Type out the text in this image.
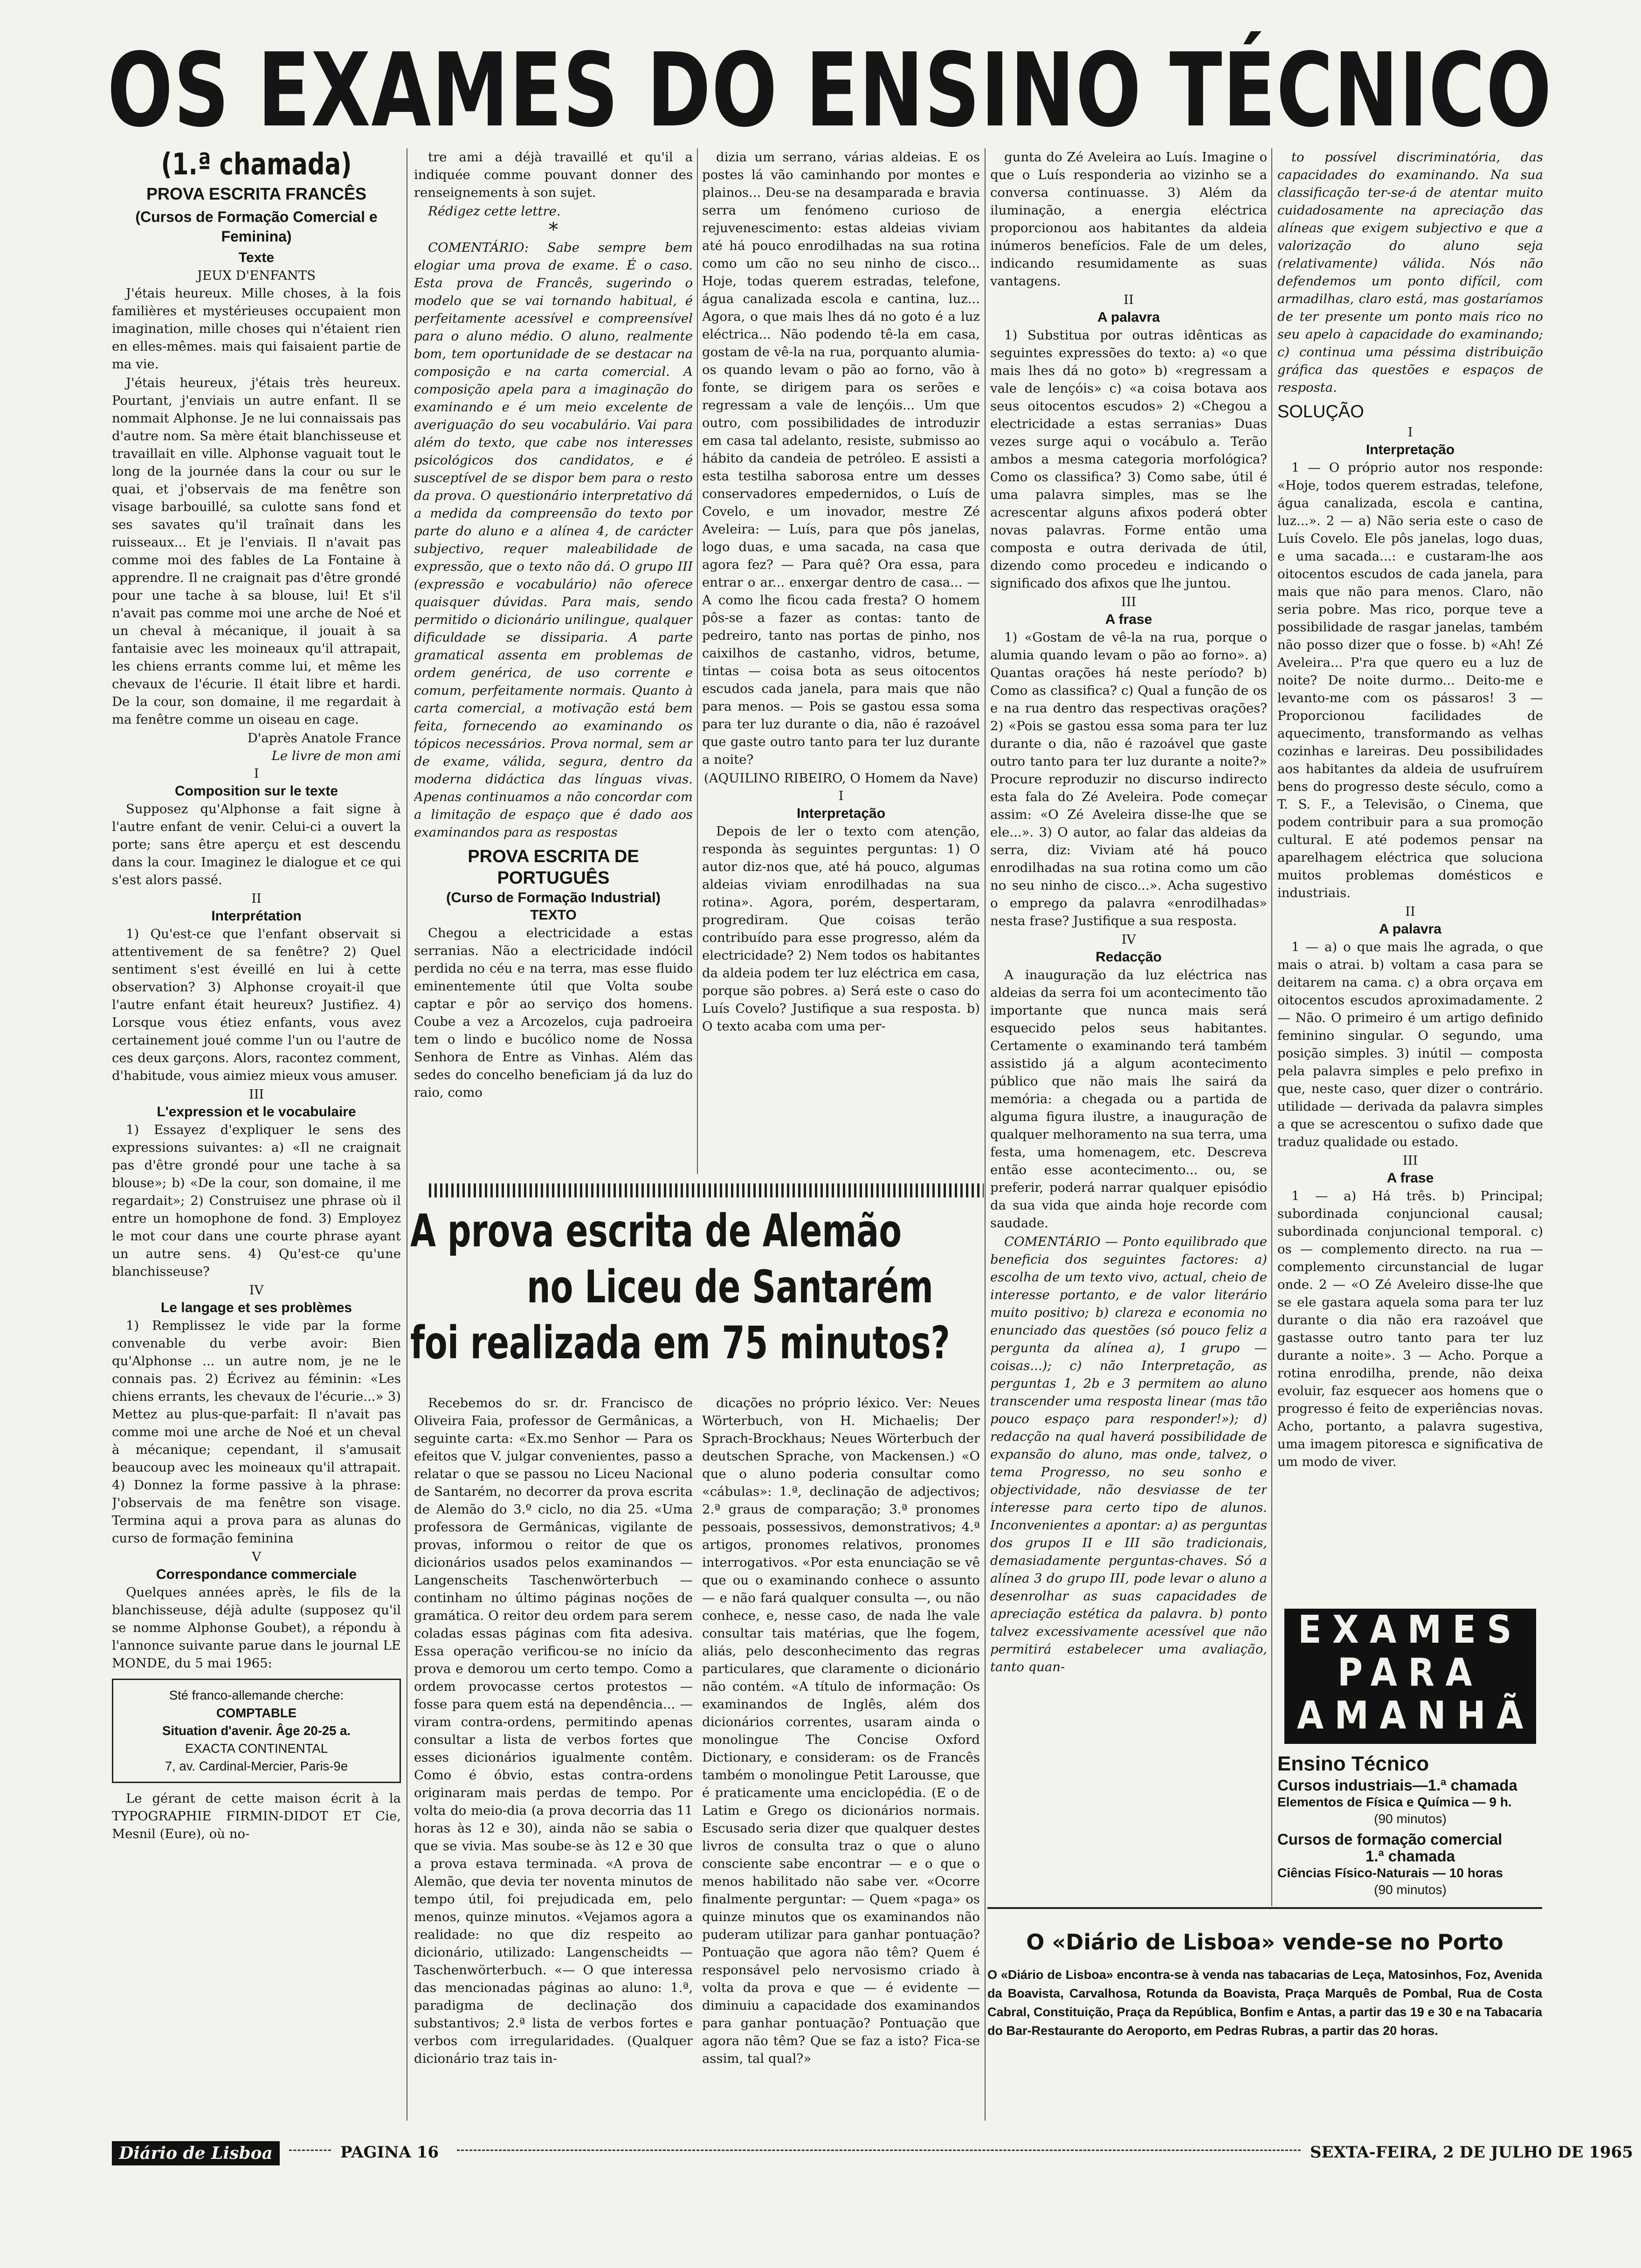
OS EXAMES DO ENSINO TÉCNICO
(1.ª chamada)
PROVA ESCRITA FRANCÊS
(Cursos de Formação Comercial e Feminina)
Texte
JEUX D'ENFANTS

J'étais heureux. Mille choses, à la fois familières et mystérieuses occupaient mon imagination, mille choses qui n'étaient rien en elles-mêmes. mais qui faisaient partie de ma vie.

J'étais heureux, j'étais très heureux. Pourtant, j'enviais un autre enfant. Il se nommait Alphonse. Je ne lui connaissais pas d'autre nom. Sa mère était blanchisseuse et travaillait en ville. Alphonse vaguait tout le long de la journée dans la cour ou sur le quai, et j'observais de ma fenêtre son visage barbouillé, sa culotte sans fond et ses savates qu'il traînait dans les ruisseaux... Et je l'enviais. Il n'avait pas comme moi des fables de La Fontaine à apprendre. Il ne craignait pas d'être grondé pour une tache à sa blouse, lui! Et s'il n'avait pas comme moi une arche de Noé et un cheval à mécanique, il jouait à sa fantaisie avec les moineaux qu'il attrapait, les chiens errants comme lui, et même les chevaux de l'écurie. Il était libre et hardi. De la cour, son domaine, il me regardait à ma fenêtre comme un oiseau en cage.

D'après Anatole France
Le livre de mon ami
I
Composition sur le texte

Supposez qu'Alphonse a fait signe à l'autre enfant de venir. Celui-ci a ouvert la porte; sans être aperçu et est descendu dans la cour. Imaginez le dialogue et ce qui s'est alors passé.

II
Interprétation

1) Qu'est-ce que l'enfant observait si attentivement de sa fenêtre? 2) Quel sentiment s'est éveillé en lui à cette observation? 3) Alphonse croyait-il que l'autre enfant était heureux? Justifiez. 4) Lorsque vous étiez enfants, vous avez certainement joué comme l'un ou l'autre de ces deux garçons. Alors, racontez comment, d'habitude, vous aimiez mieux vous amuser.

III
L'expression et le vocabulaire

1) Essayez d'expliquer le sens des expressions suivantes: a) «Il ne craignait pas d'être grondé pour une tache à sa blouse»; b) «De la cour, son domaine, il me regardait»; 2) Construisez une phrase où il entre un homophone de fond. 3) Employez le mot cour dans une courte phrase ayant un autre sens. 4) Qu'est-ce qu'une blanchisseuse?

IV
Le langage et ses problèmes

1) Remplissez le vide par la forme convenable du verbe avoir: Bien qu'Alphonse ... un autre nom, je ne le connais pas. 2) Écrivez au féminin: «Les chiens errants, les chevaux de l'écurie...» 3) Mettez au plus-que-parfait: Il n'avait pas comme moi une arche de Noé et un cheval à mécanique; cependant, il s'amusait beaucoup avec les moineaux qu'il attrapait. 4) Donnez la forme passive à la phrase: J'observais de ma fenêtre son visage. Termina aqui a prova para as alunas do curso de formação feminina

V
Correspondance commerciale

Quelques années après, le fils de la blanchisseuse, déjà adulte (supposez qu'il se nomme Alphonse Goubet), a répondu à l'annonce suivante parue dans le journal LE MONDE, du 5 mai 1965:

Sté franco-allemande cherche:
COMPTABLE
Situation d'avenir. Âge 20-25 a.
EXACTA CONTINENTAL
7, av. Cardinal-Mercier, Paris-9e

Le gérant de cette maison écrit à la TYPOGRAPHIE FIRMIN-DIDOT ET Cie, Mesnil (Eure), où no-

tre ami a déjà travaillé et qu'il a indiquée comme pouvant donner des renseignements à son sujet.

Rédigez cette lettre.

*

COMENTÁRIO: Sabe sempre bem elogiar uma prova de exame. É o caso. Esta prova de Francês, sugerindo o modelo que se vai tornando habitual, é perfeitamente acessível e compreensível para o aluno médio. O aluno, realmente bom, tem oportunidade de se destacar na composição e na carta comercial. A composição apela para a imaginação do examinando e é um meio excelente de averiguação do seu vocabulário. Vai para além do texto, que cabe nos interesses psicológicos dos candidatos, e é susceptível de se dispor bem para o resto da prova. O questionário interpretativo dá a medida da compreensão do texto por parte do aluno e a alínea 4, de carácter subjectivo, requer maleabilidade de expressão, que o texto não dá. O grupo III (expressão e vocabulário) não oferece quaisquer dúvidas. Para mais, sendo permitido o dicionário unilingue, qualquer dificuldade se dissiparia. A parte gramatical assenta em problemas de ordem genérica, de uso corrente e comum, perfeitamente normais. Quanto à carta comercial, a motivação está bem feita, fornecendo ao examinando os tópicos necessários. Prova normal, sem ar de exame, válida, segura, dentro da moderna didáctica das línguas vivas. Apenas continuamos a não concordar com a limitação de espaço que é dado aos examinandos para as respostas

PROVA ESCRITA DE PORTUGUÊS
(Curso de Formação Industrial)
TEXTO

Chegou a electricidade a estas serranias. Não a electricidade indócil perdida no céu e na terra, mas esse fluido eminentemente útil que Volta soube captar e pôr ao serviço dos homens. Coube a vez a Arcozelos, cuja padroeira tem o lindo e bucólico nome de Nossa Senhora de Entre as Vinhas. Além das sedes do concelho beneficiam já da luz do raio, como

dizia um serrano, várias aldeias. E os postes lá vão caminhando por montes e plainos... Deu-se na desamparada e bravia serra um fenómeno curioso de rejuvenescimento: estas aldeias viviam até há pouco enrodilhadas na sua rotina como um cão no seu ninho de cisco... Hoje, todas querem estradas, telefone, água canalizada escola e cantina, luz... Agora, o que mais lhes dá no goto é a luz eléctrica... Não podendo tê-la em casa, gostam de vê-la na rua, porquanto alumia-os quando levam o pão ao forno, vão à fonte, se dirigem para os serões e regressam a vale de lençóis... Um que outro, com possibilidades de introduzir em casa tal adelanto, resiste, submisso ao hábito da candeia de petróleo. E assisti a esta testilha saborosa entre um desses conservadores empedernidos, o Luís de Covelo, e um inovador, mestre Zé Aveleira: — Luís, para que pôs janelas, logo duas, e uma sacada, na casa que agora fez? — Para quê? Ora essa, para entrar o ar... enxergar dentro de casa... — A como lhe ficou cada fresta? O homem pôs-se a fazer as contas: tanto de pedreiro, tanto nas portas de pinho, nos caixilhos de castanho, vidros, betume, tintas — coisa bota as seus oitocentos escudos cada janela, para mais que não para menos. — Pois se gastou essa soma para ter luz durante o dia, não é razoável que gaste outro tanto para ter luz durante a noite?

(AQUILINO RIBEIRO, O Homem da Nave)
I
Interpretação

Depois de ler o texto com atenção, responda às seguintes perguntas: 1) O autor diz-nos que, até há pouco, algumas aldeias viviam enrodilhadas na sua rotina». Agora, porém, despertaram, progrediram. Que coisas terão contribuído para esse progresso, além da electricidade? 2) Nem todos os habitantes da aldeia podem ter luz eléctrica em casa, porque são pobres. a) Será este o caso do Luís Covelo? Justifique a sua resposta. b) O texto acaba com uma per-

A prova escrita de Alemão
no Liceu de Santarém
foi realizada em 75 minutos?

Recebemos do sr. dr. Francisco de Oliveira Faia, professor de Germânicas, a seguinte carta: «Ex.mo Senhor — Para os efeitos que V. julgar convenientes, passo a relatar o que se passou no Liceu Nacional de Santarém, no decorrer da prova escrita de Alemão do 3.º ciclo, no dia 25. «Uma professora de Germânicas, vigilante de provas, informou o reitor de que os dicionários usados pelos examinandos — Langenscheits Taschenwörterbuch — continham no último páginas noções de gramática. O reitor deu ordem para serem coladas essas páginas com fita adesiva. Essa operação verificou-se no início da prova e demorou um certo tempo. Como a ordem provocasse certos protestos — fosse para quem está na dependência... — viram contra-ordens, permitindo apenas consultar a lista de verbos fortes que esses dicionários igualmente contêm. Como é óbvio, estas contra-ordens originaram mais perdas de tempo. Por volta do meio-dia (a prova decorria das 11 horas às 12 e 30), ainda não se sabia o que se vivia. Mas soube-se às 12 e 30 que a prova estava terminada. «A prova de Alemão, que devia ter noventa minutos de tempo útil, foi prejudicada em, pelo menos, quinze minutos. «Vejamos agora a realidade: no que diz respeito ao dicionário, utilizado: Langenscheidts — Taschenwörterbuch. «— O que interessa das mencionadas páginas ao aluno: 1.ª, paradigma de declinação dos substantivos; 2.ª lista de verbos fortes e verbos com irregularidades. (Qualquer dicionário traz tais in-

dicações no próprio léxico. Ver: Neues Wörterbuch, von H. Michaelis; Der Sprach-Brockhaus; Neues Wörterbuch der deutschen Sprache, von Mackensen.) «O que o aluno poderia consultar como «cábulas»: 1.ª, declinação de adjectivos; 2.ª graus de comparação; 3.ª pronomes pessoais, possessivos, demonstrativos; 4.ª artigos, pronomes relativos, pronomes interrogativos. «Por esta enunciação se vê que ou o examinando conhece o assunto — e não fará qualquer consulta —, ou não conhece, e, nesse caso, de nada lhe vale consultar tais matérias, que lhe fogem, aliás, pelo desconhecimento das regras particulares, que claramente o dicionário não contém. «A título de informação: Os examinandos de Inglês, além dos dicionários correntes, usaram ainda o monolingue The Concise Oxford Dictionary, e consideram: os de Francês também o monolingue Petit Larousse, que é praticamente uma enciclopédia. (E o de Latim e Grego os dicionários normais. Escusado seria dizer que qualquer destes livros de consulta traz o que o aluno consciente sabe encontrar — e o que o menos habilitado não sabe ver. «Ocorre finalmente perguntar: — Quem «paga» os quinze minutos que os examinandos não puderam utilizar para ganhar pontuação? Pontuação que agora não têm? Quem é responsável pelo nervosismo criado à volta da prova e que — é evidente — diminuiu a capacidade dos examinandos para ganhar pontuação? Pontuação que agora não têm? Que se faz a isto? Fica-se assim, tal qual?»

gunta do Zé Aveleira ao Luís. Imagine o que o Luís responderia ao vizinho se a conversa continuasse. 3) Além da iluminação, a energia eléctrica proporcionou aos habitantes da aldeia inúmeros benefícios. Fale de um deles, indicando resumidamente as suas vantagens.

II
A palavra

1) Substitua por outras idênticas as seguintes expressões do texto: a) «o que mais lhes dá no goto» b) «regressam a vale de lençóis» c) «a coisa botava aos seus oitocentos escudos» 2) «Chegou a electricidade a estas serranias» Duas vezes surge aqui o vocábulo a. Terão ambos a mesma categoria morfológica? Como os classifica? 3) Como sabe, útil é uma palavra simples, mas se lhe acrescentar alguns afixos poderá obter novas palavras. Forme então uma composta e outra derivada de útil, dizendo como procedeu e indicando o significado dos afixos que lhe juntou.

III
A frase

1) «Gostam de vê-la na rua, porque o alumia quando levam o pão ao forno». a) Quantas orações há neste período? b) Como as classifica? c) Qual a função de os e na rua dentro das respectivas orações? 2) «Pois se gastou essa soma para ter luz durante o dia, não é razoável que gaste outro tanto para ter luz durante a noite?» Procure reproduzir no discurso indirecto esta fala do Zé Aveleira. Pode começar assim: «O Zé Aveleira disse-lhe que se ele...». 3) O autor, ao falar das aldeias da serra, diz: Viviam até há pouco enrodilhadas na sua rotina como um cão no seu ninho de cisco...». Acha sugestivo o emprego da palavra «enrodilhadas» nesta frase? Justifique a sua resposta.

IV
Redacção

A inauguração da luz eléctrica nas aldeias da serra foi um acontecimento tão importante que nunca mais será esquecido pelos seus habitantes. Certamente o examinando terá também assistido já a algum acontecimento público que não mais lhe sairá da memória: a chegada ou a partida de alguma figura ilustre, a inauguração de qualquer melhoramento na sua terra, uma festa, uma homenagem, etc. Descreva então esse acontecimento... ou, se preferir, poderá narrar qualquer episódio da sua vida que ainda hoje recorde com saudade.

COMENTÁRIO — Ponto equilibrado que beneficia dos seguintes factores: a) escolha de um texto vivo, actual, cheio de interesse portanto, e de valor literário muito positivo; b) clareza e economia no enunciado das questões (só pouco feliz a pergunta da alínea a), 1 grupo — coisas...); c) não Interpretação, as perguntas 1, 2b e 3 permitem ao aluno transcender uma resposta linear (mas tão pouco espaço para responder!»); d) redacção na qual haverá possibilidade de expansão do aluno, mas onde, talvez, o tema Progresso, no seu sonho e objectividade, não desviasse de ter interesse para certo tipo de alunos. Inconvenientes a apontar: a) as perguntas dos grupos II e III são tradicionais, demasiadamente perguntas-chaves. Só a alínea 3 do grupo III, pode levar o aluno a desenrolhar as suas capacidades de apreciação estética da palavra. b) ponto talvez excessivamente acessível que não permitirá estabelecer uma avaliação, tanto quan-

to possível discriminatória, das capacidades do examinando. Na sua classificação ter-se-á de atentar muito cuidadosamente na apreciação das alíneas que exigem subjectivo e que a valorização do aluno seja (relativamente) válida. Nós não defendemos um ponto difícil, com armadilhas, claro está, mas gostaríamos de ter presente um ponto mais rico no seu apelo à capacidade do examinando; c) continua uma péssima distribuição gráfica das questões e espaços de resposta.

SOLUÇÃO
I
Interpretação

1 — O próprio autor nos responde: «Hoje, todos querem estradas, telefone, água canalizada, escola e cantina, luz...». 2 — a) Não seria este o caso de Luís Covelo. Ele pôs janelas, logo duas, e uma sacada...: e custaram-lhe aos oitocentos escudos de cada janela, para mais que não para menos. Claro, não seria pobre. Mas rico, porque teve a possibilidade de rasgar janelas, também não posso dizer que o fosse. b) «Ah! Zé Aveleira... P'ra que quero eu a luz de noite? De noite durmo... Deito-me e levanto-me com os pássaros! 3 — Proporcionou facilidades de aquecimento, transformando as velhas cozinhas e lareiras. Deu possibilidades aos habitantes da aldeia de usufruírem bens do progresso deste século, como a T. S. F., a Televisão, o Cinema, que podem contribuir para a sua promoção cultural. E até podemos pensar na aparelhagem eléctrica que soluciona muitos problemas domésticos e industriais.

II
A palavra

1 — a) o que mais lhe agrada, o que mais o atrai. b) voltam a casa para se deitarem na cama. c) a obra orçava em oitocentos escudos aproximadamente. 2 — Não. O primeiro é um artigo definido feminino singular. O segundo, uma posição simples. 3) inútil — composta pela palavra simples e pelo prefixo in que, neste caso, quer dizer o contrário. utilidade — derivada da palavra simples a que se acrescentou o sufixo dade que traduz qualidade ou estado.

III
A frase

1 — a) Há três. b) Principal; subordinada conjuncional causal; subordinada conjuncional temporal. c) os — complemento directo. na rua — complemento circunstancial de lugar onde. 2 — «O Zé Aveleiro disse-lhe que se ele gastara aquela soma para ter luz durante o dia não era razoável que gastasse outro tanto para ter luz durante a noite». 3 — Acho. Porque a rotina enrodilha, prende, não deixa evoluir, faz esquecer aos homens que o progresso é feito de experiências novas. Acho, portanto, a palavra sugestiva, uma imagem pitoresca e significativa de um modo de viver.

EXAMES
PARA
AMANHÃ
Ensino Técnico
Cursos industriais—1.ª chamada
Elementos de Física e Química — 9 h.
(90 minutos)
Cursos de formação comercial
1.ª chamada
Ciências Físico-Naturais — 10 horas
(90 minutos)
O «Diário de Lisboa» vende-se no Porto
O «Diário de Lisboa» encontra-se à venda nas tabacarias de Leça, Matosinhos, Foz, Avenida da Boavista, Carvalhosa, Rotunda da Boavista, Praça Marquês de Pombal, Rua de Costa Cabral, Constituição, Praça da República, Bonfim e Antas, a partir das 19 e 30 e na Tabacaria do Bar-Restaurante do Aeroporto, em Pedras Rubras, a partir das 20 horas.
Diário de Lisboa	PAGINA 16	SEXTA-FEIRA, 2 DE JULHO DE 1965
